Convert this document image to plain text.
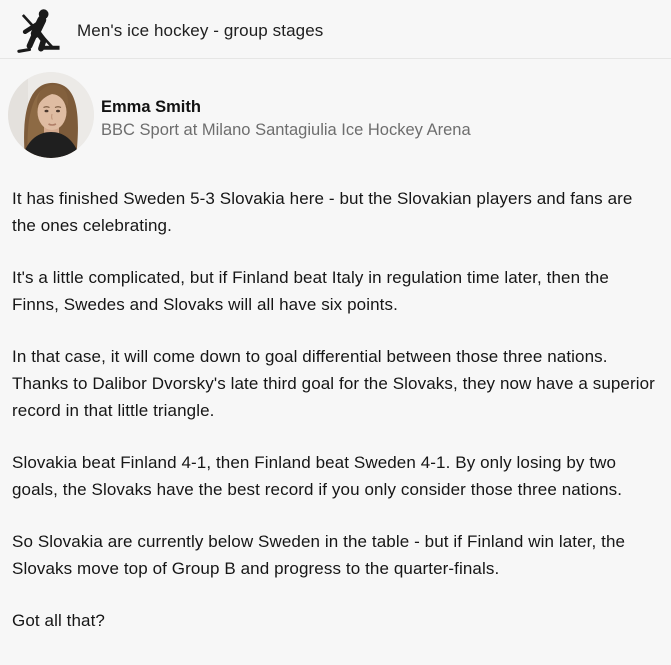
Men's ice hockey - group stages

Emma Smith

BBC Sport at Milano Santagiulia Ice Hockey Arena

It has finished Sweden 5-3 Slovakia here - but the Slovakian players and fans are the ones celebrating.

It's a little complicated, but if Finland beat Italy in regulation time later, then the Finns, Swedes and Slovaks will all have six points.

In that case, it will come down to goal differential between those three nations. Thanks to Dalibor Dvorsky's late third goal for the Slovaks, they now have a superior record in that little triangle.

Slovakia beat Finland 4-1, then Finland beat Sweden 4-1. By only losing by two goals, the Slovaks have the best record if you only consider those three nations.

So Slovakia are currently below Sweden in the table - but if Finland win later, the Slovaks move top of Group B and progress to the quarter-finals.

Got all that?
